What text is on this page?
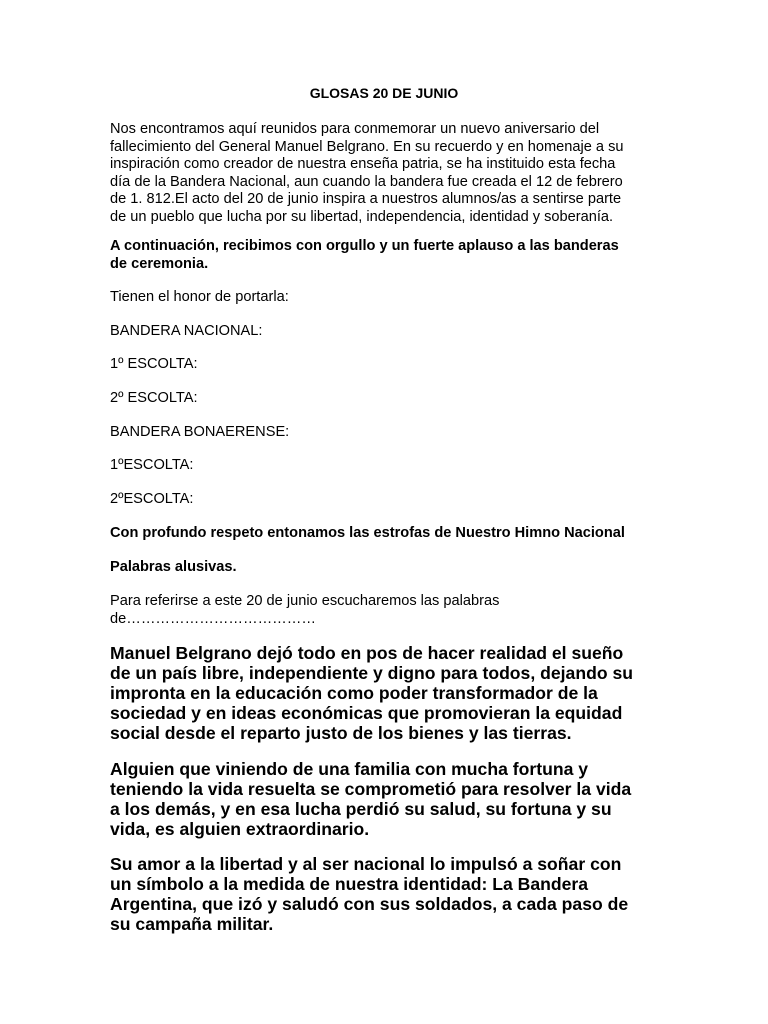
GLOSAS 20 DE JUNIO

Nos encontramos aquí reunidos para conmemorar un nuevo aniversario del
fallecimiento del General Manuel Belgrano. En su recuerdo y en homenaje a su
inspiración como creador de nuestra enseña patria, se ha instituido esta fecha
día de la Bandera Nacional, aun cuando la bandera fue creada el 12 de febrero
de 1. 812.El acto del 20 de junio inspira a nuestros alumnos/as a sentirse parte
de un pueblo que lucha por su libertad, independencia, identidad y soberanía.

A continuación, recibimos con orgullo y un fuerte aplauso a las banderas
de ceremonia.

Tienen el honor de portarla:

BANDERA NACIONAL:

1º ESCOLTA:

2º ESCOLTA:

BANDERA BONAERENSE:

1ºESCOLTA:

2ºESCOLTA:

Con profundo respeto entonamos las estrofas de Nuestro Himno Nacional

Palabras alusivas.

Para referirse a este 20 de junio escucharemos las palabras
de…………………………………

Manuel Belgrano dejó todo en pos de hacer realidad el sueño
de un país libre, independiente y digno para todos, dejando su
impronta en la educación como poder transformador de la
sociedad y en ideas económicas que promovieran la equidad
social desde el reparto justo de los bienes y las tierras.

Alguien que viniendo de una familia con mucha fortuna y
teniendo la vida resuelta se comprometió para resolver la vida
a los demás, y en esa lucha perdió su salud, su fortuna y su
vida, es alguien extraordinario.

Su amor a la libertad y al ser nacional lo impulsó a soñar con
un símbolo a la medida de nuestra identidad: La Bandera
Argentina, que izó y saludó con sus soldados, a cada paso de
su campaña militar.
